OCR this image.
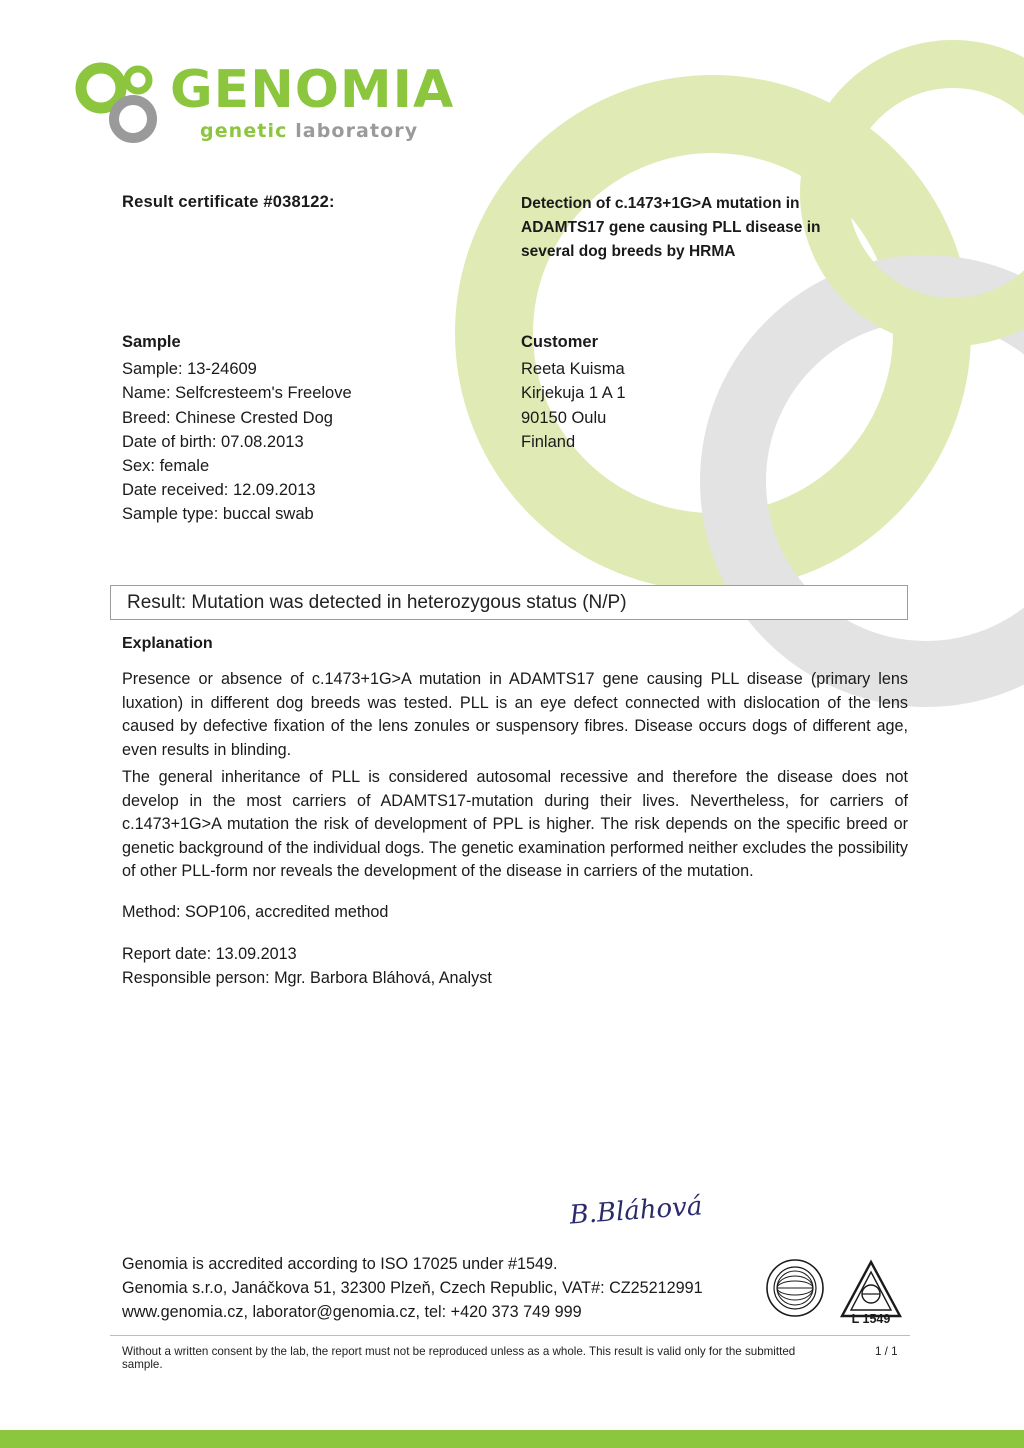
GENOMIA
genetic laboratory
Result certificate #038122:	Detection of c.1473+1G>A mutation in ADAMTS17 gene causing PLL disease in several dog breeds by HRMA
Sample
Sample: 13-24609
Name: Selfcresteem's Freelove
Breed: Chinese Crested Dog
Date of birth: 07.08.2013
Sex: female
Date received: 12.09.2013
Sample type: buccal swab
Customer
Reeta Kuisma
Kirjekuja 1 A 1
90150 Oulu
Finland
Result: Mutation was detected in heterozygous status (N/P)
Explanation
Presence or absence of c.1473+1G>A mutation in ADAMTS17 gene causing PLL disease (primary lens luxation) in different dog breeds was tested. PLL is an eye defect connected with dislocation of the lens caused by defective fixation of the lens zonules or suspensory fibres. Disease occurs dogs of different age, even results in blinding.
The general inheritance of PLL is considered autosomal recessive and therefore the disease does not develop in the most carriers of ADAMTS17-mutation during their lives. Nevertheless, for carriers of c.1473+1G>A mutation the risk of development of PPL is higher. The risk depends on the specific breed or genetic background of the individual dogs. The genetic examination performed neither excludes the possibility of other PLL-form nor reveals the development of the disease in carriers of the mutation.
Method: SOP106, accredited method
Report date: 13.09.2013
Responsible person: Mgr. Barbora Bláhová, Analyst
B.Bláhová
Genomia is accredited according to ISO 17025 under #1549.
Genomia s.r.o, Janáčkova 51, 32300 Plzeň, Czech Republic, VAT#: CZ25212991
www.genomia.cz, laborator@genomia.cz, tel: +420 373 749 999	L 1549
Without a written consent by the lab, the report must not be reproduced unless as a whole. This result is valid only for the submitted sample.
1 / 1
